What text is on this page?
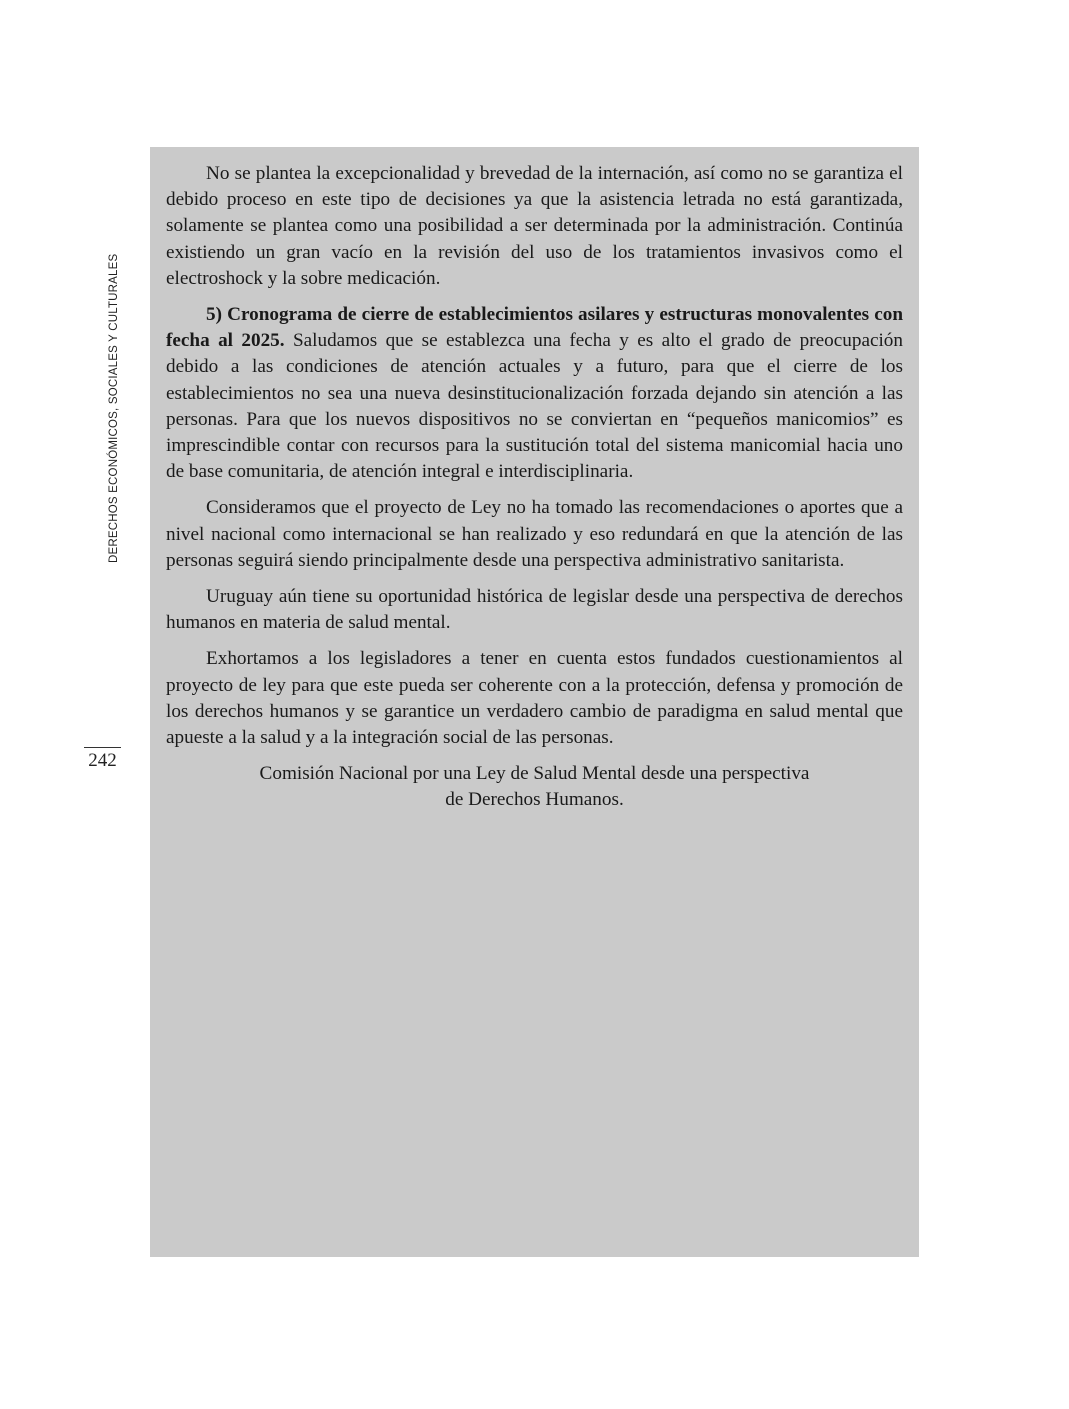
DERECHOS ECONÓMICOS, SOCIALES Y CULTURALES
242

No se plantea la excepcionalidad y brevedad de la internación, así como no se garantiza el debido proceso en este tipo de decisiones ya que la asistencia letrada no está garantizada, solamente se plantea como una posibilidad a ser determinada por la administración. Continúa existiendo un gran vacío en la revisión del uso de los tratamientos invasivos como el electroshock y la sobre medicación.

5) Cronograma de cierre de establecimientos asilares y estructuras monovalentes con fecha al 2025. Saludamos que se establezca una fecha y es alto el grado de preocupación debido a las condiciones de atención actuales y a futuro, para que el cierre de los establecimientos no sea una nueva desinstitucionalización forzada dejando sin atención a las personas. Para que los nuevos dispositivos no se conviertan en “pequeños manicomios” es imprescindible contar con recursos para la sustitución total del sistema manicomial hacia uno de base comunitaria, de atención integral e interdisciplinaria.

Consideramos que el proyecto de Ley no ha tomado las recomendaciones o aportes que a nivel nacional como internacional se han realizado y eso redundará en que la atención de las personas seguirá siendo principalmente desde una perspectiva administrativo sanitarista.

Uruguay aún tiene su oportunidad histórica de legislar desde una perspectiva de derechos humanos en materia de salud mental.

Exhortamos a los legisladores a tener en cuenta estos fundados cuestionamientos al proyecto de ley para que este pueda ser coherente con a la protección, defensa y promoción de los derechos humanos y se garantice un verdadero cambio de paradigma en salud mental que apueste a la salud y a la integración social de las personas.

Comisión Nacional por una Ley de Salud Mental desde una perspectiva
de Derechos Humanos.
